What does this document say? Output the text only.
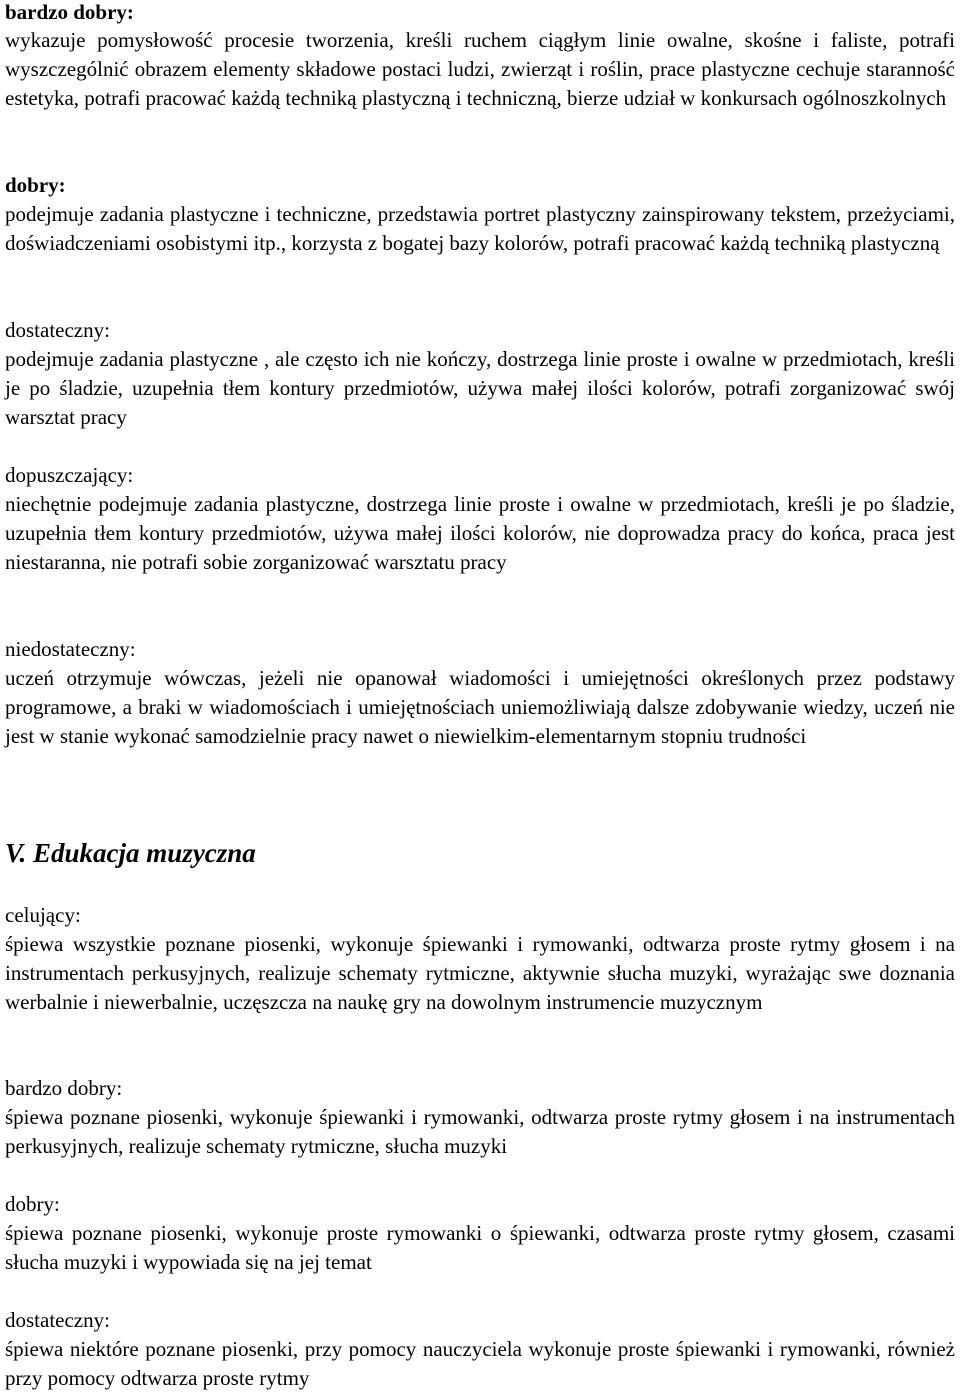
bardzo dobry:

wykazuje pomysłowość procesie tworzenia, kreśli ruchem ciągłym linie owalne, skośne i faliste, potrafi wyszczególnić obrazem elementy składowe postaci ludzi, zwierząt i roślin, prace plastyczne cechuje staranność estetyka, potrafi pracować każdą techniką plastyczną i techniczną, bierze udział w konkursach ogólnoszkolnych

dobry:

podejmuje zadania plastyczne i techniczne, przedstawia portret plastyczny zainspirowany tekstem, przeżyciami, doświadczeniami osobistymi itp., korzysta z bogatej bazy kolorów, potrafi pracować każdą techniką plastyczną

dostateczny:

podejmuje zadania plastyczne , ale często ich nie kończy, dostrzega linie proste i owalne w przedmiotach, kreśli je po śladzie, uzupełnia tłem kontury przedmiotów, używa małej ilości kolorów, potrafi zorganizować swój warsztat pracy

dopuszczający:

niechętnie podejmuje zadania plastyczne, dostrzega linie proste i owalne w przedmiotach, kreśli je po śladzie, uzupełnia tłem kontury przedmiotów, używa małej ilości kolorów, nie doprowadza pracy do końca, praca jest niestaranna, nie potrafi sobie zorganizować warsztatu pracy

niedostateczny:

uczeń otrzymuje wówczas, jeżeli nie opanował wiadomości i umiejętności określonych przez podstawy programowe, a braki w wiadomościach i umiejętnościach uniemożliwiają dalsze zdobywanie wiedzy, uczeń nie jest w stanie wykonać samodzielnie pracy nawet o niewielkim-elementarnym stopniu trudności

V. Edukacja muzyczna

celujący:

śpiewa wszystkie poznane piosenki, wykonuje śpiewanki i rymowanki, odtwarza proste rytmy głosem i na instrumentach perkusyjnych, realizuje schematy rytmiczne, aktywnie słucha muzyki, wyrażając swe doznania werbalnie i niewerbalnie, uczęszcza na naukę gry na dowolnym instrumencie muzycznym

bardzo dobry:

śpiewa poznane piosenki, wykonuje śpiewanki i rymowanki, odtwarza proste rytmy głosem i na instrumentach perkusyjnych, realizuje schematy rytmiczne, słucha muzyki

dobry:

śpiewa poznane piosenki, wykonuje proste rymowanki o śpiewanki, odtwarza proste rytmy głosem, czasami słucha muzyki i wypowiada się na jej temat

dostateczny:

śpiewa niektóre poznane piosenki, przy pomocy nauczyciela wykonuje proste śpiewanki i rymowanki, również przy pomocy odtwarza proste rytmy
